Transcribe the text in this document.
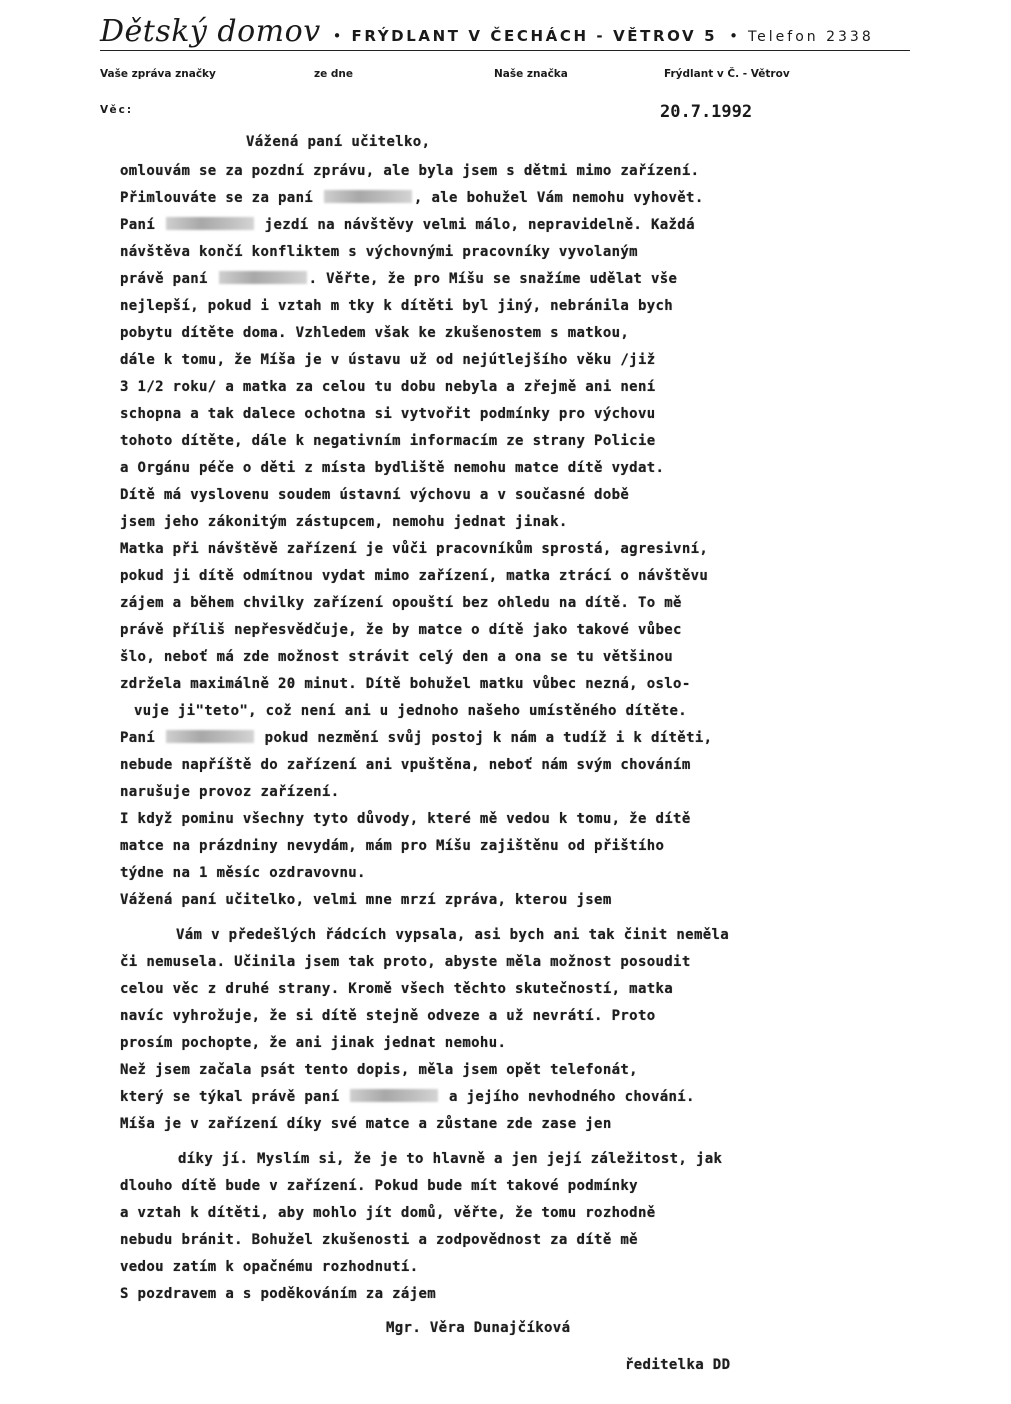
Dětský domov • FRÝDLANT V ČECHÁCH - VĚTROV 5 • Telefon 2338
Vaše zpráva značky	ze dne	Naše značka	Frýdlant v Č. - Větrov
Věc:	20.7.1992
Vážená paní učitelko,
omlouvám se za pozdní zprávu, ale byla jsem s dětmi mimo zařízení.
Přimlouváte se za paní	, ale bohužel Vám nemohu vyhovět.
Paní	jezdí na návštěvy velmi málo, nepravidelně. Každá
návštěva končí konfliktem s výchovnými pracovníky vyvolaným
právě paní	. Věřte, že pro Míšu se snažíme udělat vše
nejlepší, pokud i vztah m tky k dítěti byl jiný, nebránila bych
pobytu dítěte doma. Vzhledem však ke zkušenostem s matkou,
dále k tomu, že Míša je v ústavu už od nejútlejšího věku /již
3 1/2 roku/ a matka za celou tu dobu nebyla a zřejmě ani není
schopna a tak dalece ochotna si vytvořit podmínky pro výchovu
tohoto dítěte, dále k negativním informacím ze strany Policie
a Orgánu péče o děti z místa bydliště nemohu matce dítě vydat.
Dítě má vyslovenu soudem ústavní výchovu a v současné době
jsem jeho zákonitým zástupcem, nemohu jednat jinak.
Matka při návštěvě zařízení je vůči pracovníkům sprostá, agresivní,
pokud ji dítě odmítnou vydat mimo zařízení, matka ztrácí o návštěvu
zájem a během chvilky zařízení opouští bez ohledu na dítě. To mě
právě příliš nepřesvědčuje, že by matce o dítě jako takové vůbec
šlo, neboť má zde možnost strávit celý den a ona se tu většinou
zdržela maximálně 20 minut. Dítě bohužel matku vůbec nezná, oslo-
vuje ji"teto", což není ani u jednoho našeho umístěného dítěte.
Paní	pokud nezmění svůj postoj k nám a tudíž i k dítěti,
nebude napříště do zařízení ani vpuštěna, neboť nám svým chováním
narušuje provoz zařízení.
I když pominu všechny tyto důvody, které mě vedou k tomu, že dítě
matce na prázdniny nevydám, mám pro Míšu zajištěnu od přištího
týdne na 1 měsíc ozdravovnu.
Vážená paní učitelko, velmi mne mrzí zpráva, kterou jsem
Vám v předešlých řádcích vypsala, asi bych ani tak činit neměla
či nemusela. Učinila jsem tak proto, abyste měla možnost posoudit
celou věc z druhé strany. Kromě všech těchto skutečností, matka
navíc vyhrožuje, že si dítě stejně odveze a už nevrátí. Proto
prosím pochopte, že ani jinak jednat nemohu.
Než jsem začala psát tento dopis, měla jsem opět telefonát,
který se týkal právě paní	a jejího nevhodného chování.
Míša je v zařízení díky své matce a zůstane zde zase jen
díky jí. Myslím si, že je to hlavně a jen její záležitost, jak
dlouho dítě bude v zařízení. Pokud bude mít takové podmínky
a vztah k dítěti, aby mohlo jít domů, věřte, že tomu rozhodně
nebudu bránit. Bohužel zkušenosti a zodpovědnost za dítě mě
vedou zatím k opačnému rozhodnutí.
S pozdravem a s poděkováním za zájem
Mgr. Věra Dunajčíková
ředitelka DD
